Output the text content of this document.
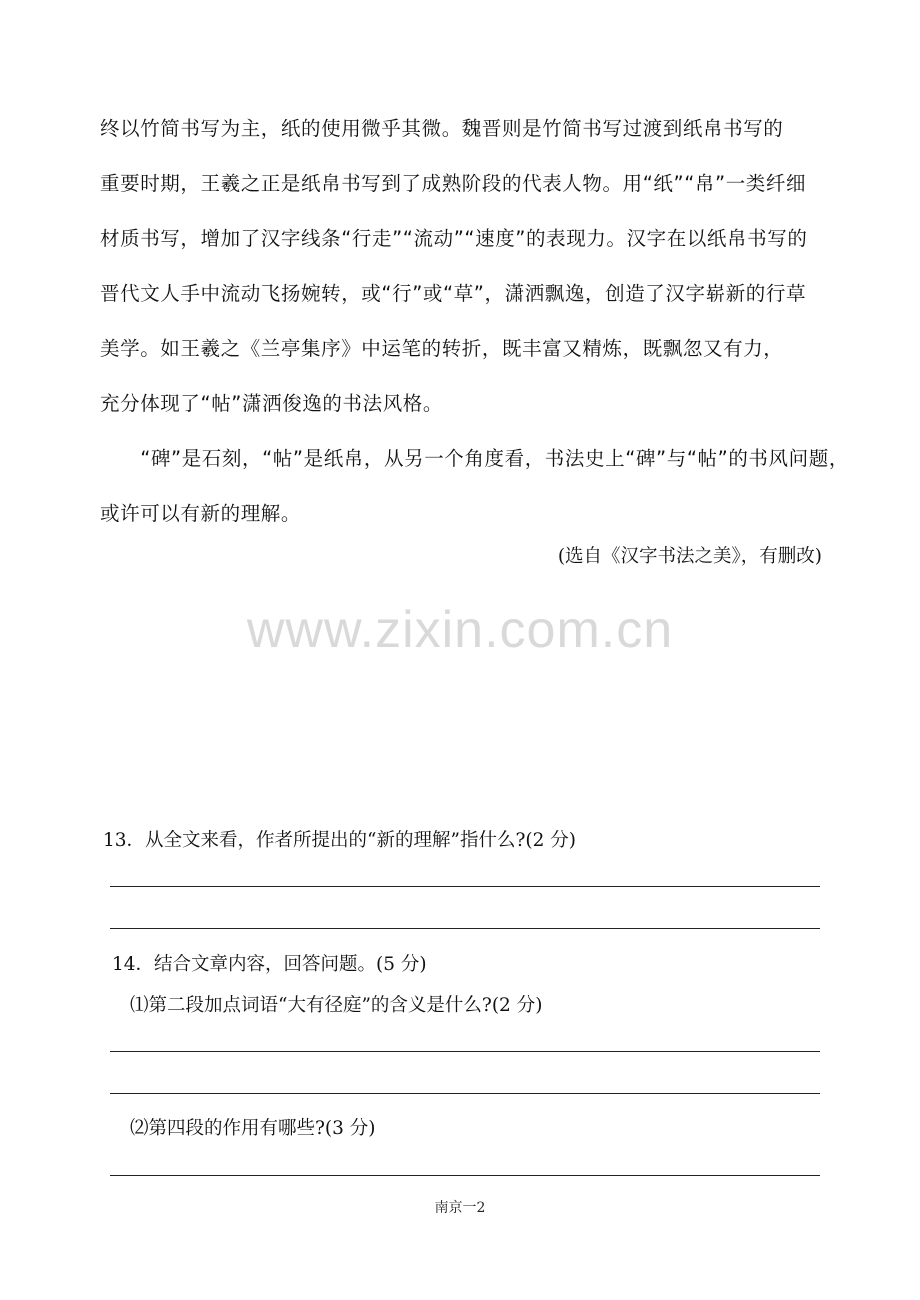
终以竹简书写为主，纸的使用微乎其微。魏晋则是竹简书写过渡到纸帛书写的
重要时期，王羲之正是纸帛书写到了成熟阶段的代表人物。用“纸”“帛”一类纤细
材质书写，增加了汉字线条“行走”“流动”“速度”的表现力。汉字在以纸帛书写的
晋代文人手中流动飞扬婉转，或“行”或“草”，潇洒飘逸，创造了汉字崭新的行草
美学。如王羲之《兰亭集序》中运笔的转折，既丰富又精炼，既飘忽又有力，
充分体现了“帖”潇洒俊逸的书法风格。
　　“碑”是石刻，“帖”是纸帛，从另一个角度看，书法史上“碑”与“帖”的书风问题，
或许可以有新的理解。
(选自《汉字书法之美》，有删改)
www.zixin.com.cn
13．从全文来看，作者所提出的“新的理解”指什么?(2 分)
14．结合文章内容，回答问题。(5 分)
⑴第二段加点词语“大有径庭”的含义是什么?(2 分)
⑵第四段的作用有哪些?(3 分)
南京一2
